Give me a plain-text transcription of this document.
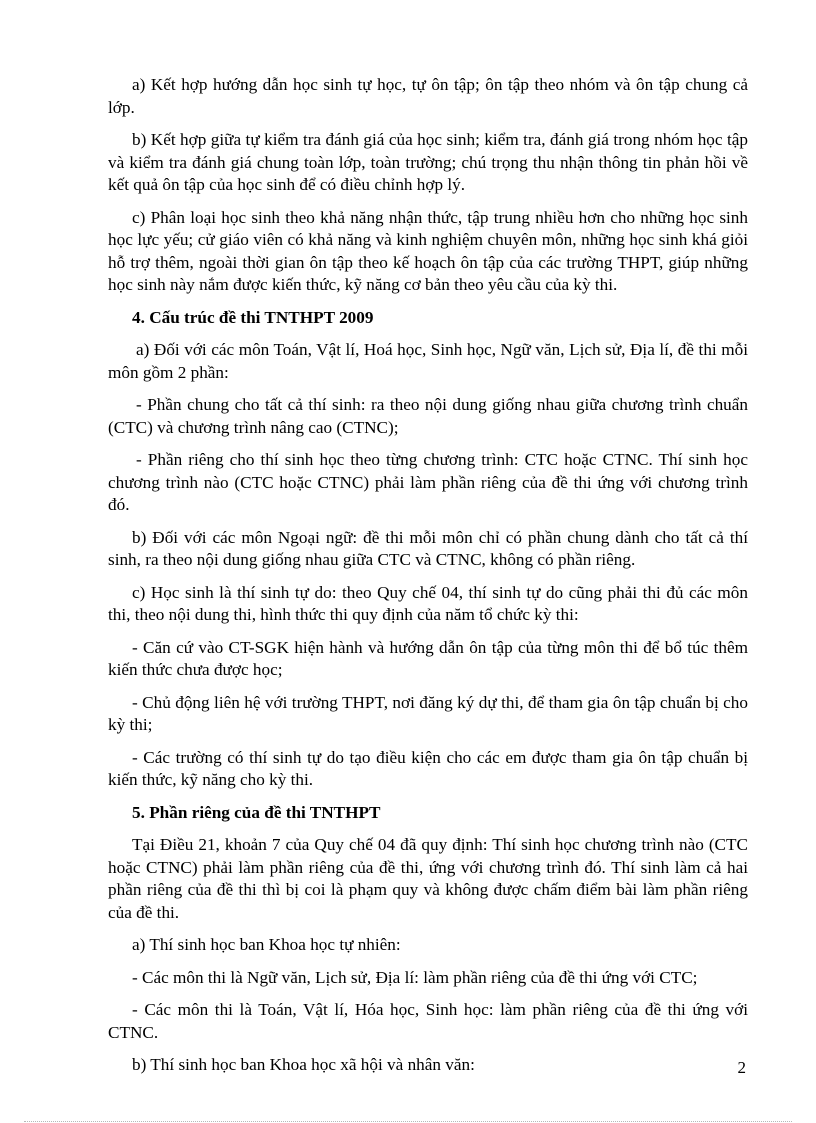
a) Kết hợp hướng dẫn học sinh tự học, tự ôn tập; ôn tập theo nhóm và ôn tập chung cả lớp.

b) Kết hợp giữa tự kiểm tra đánh giá của học sinh; kiểm tra, đánh giá trong nhóm học tập và kiểm tra đánh giá chung toàn lớp, toàn trường; chú trọng thu nhận thông tin phản hồi về kết quả ôn tập của học sinh để có điều chỉnh hợp lý.

c) Phân loại học sinh theo khả năng nhận thức, tập trung nhiều hơn cho những học sinh học lực yếu; cử giáo viên có khả năng và kinh nghiệm chuyên môn, những học sinh khá giỏi hỗ trợ thêm, ngoài thời gian ôn tập theo kế hoạch ôn tập của các trường THPT, giúp những học sinh này nắm được kiến thức, kỹ năng cơ bản theo yêu cầu của kỳ thi.

4. Cấu trúc đề thi TNTHPT 2009

a) Đối với các môn Toán, Vật lí, Hoá học, Sinh học, Ngữ văn, Lịch sử, Địa lí, đề thi mỗi môn gồm 2 phần:

- Phần chung cho tất cả thí sinh: ra theo nội dung giống nhau giữa chương trình chuẩn (CTC) và chương trình nâng cao (CTNC);

- Phần riêng cho thí sinh học theo từng chương trình: CTC hoặc CTNC. Thí sinh học chương trình nào (CTC hoặc CTNC) phải làm phần riêng của đề thi ứng với chương trình đó.

b) Đối với các môn Ngoại ngữ: đề thi mỗi môn chỉ có phần chung dành cho tất cả thí sinh, ra theo nội dung giống nhau giữa CTC và CTNC, không có phần riêng.

c) Học sinh là thí sinh tự do: theo Quy chế 04, thí sinh tự do cũng phải thi đủ các môn thi, theo nội dung thi, hình thức thi quy định của năm tổ chức kỳ thi:

- Căn cứ vào CT-SGK hiện hành và hướng dẫn ôn tập của từng môn thi để bổ túc thêm kiến thức chưa được học;

- Chủ động liên hệ với trường THPT, nơi đăng ký dự thi, để tham gia ôn tập chuẩn bị cho kỳ thi;

- Các trường có thí sinh tự do tạo điều kiện cho các em được tham gia ôn tập chuẩn bị kiến thức, kỹ năng cho kỳ thi.

5. Phần riêng của đề thi TNTHPT

Tại Điều 21, khoản 7 của Quy chế 04 đã quy định: Thí sinh học chương trình nào (CTC hoặc CTNC) phải làm phần riêng của đề thi, ứng với chương trình đó. Thí sinh làm cả hai phần riêng của đề thi thì bị coi là phạm quy và không được chấm điểm bài làm phần riêng của đề thi.

a) Thí sinh học ban Khoa học tự nhiên:

- Các môn thi là Ngữ văn, Lịch sử, Địa lí: làm phần riêng của đề thi ứng với CTC;

- Các môn thi là Toán, Vật lí, Hóa học, Sinh học: làm phần riêng của đề thi ứng với CTNC.

b) Thí sinh học ban Khoa học xã hội và nhân văn:	2
